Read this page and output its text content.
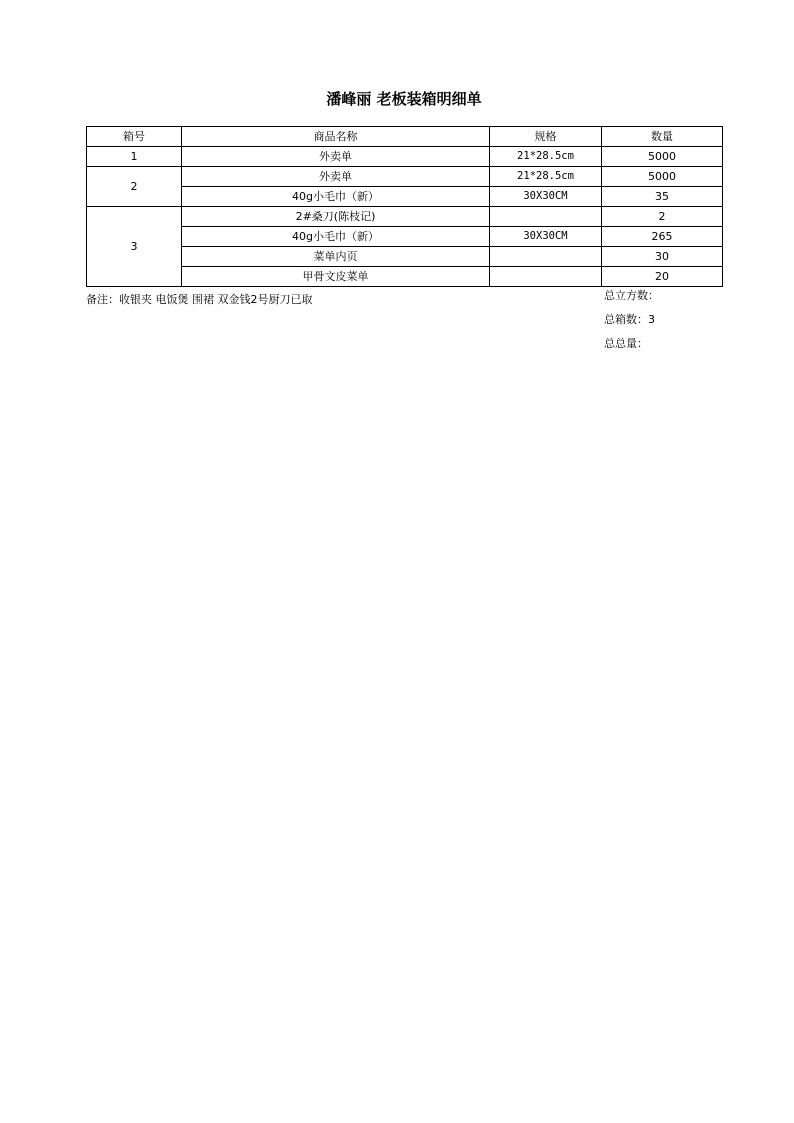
潘峰丽 老板装箱明细单
箱号	商品名称	规格	数量
1	外卖单	21*28.5cm	5000
2	外卖单	21*28.5cm	5000
	40g小毛巾（新）	30X30CM	35
3	2#桑刀(陈枝记)		2
	40g小毛巾（新）	30X30CM	265
	菜单内页		30
	甲骨文皮菜单		20
备注：收银夹 电饭煲 围裙 双金钱2号厨刀已取	总立方数：
总箱数：3
总总量：
